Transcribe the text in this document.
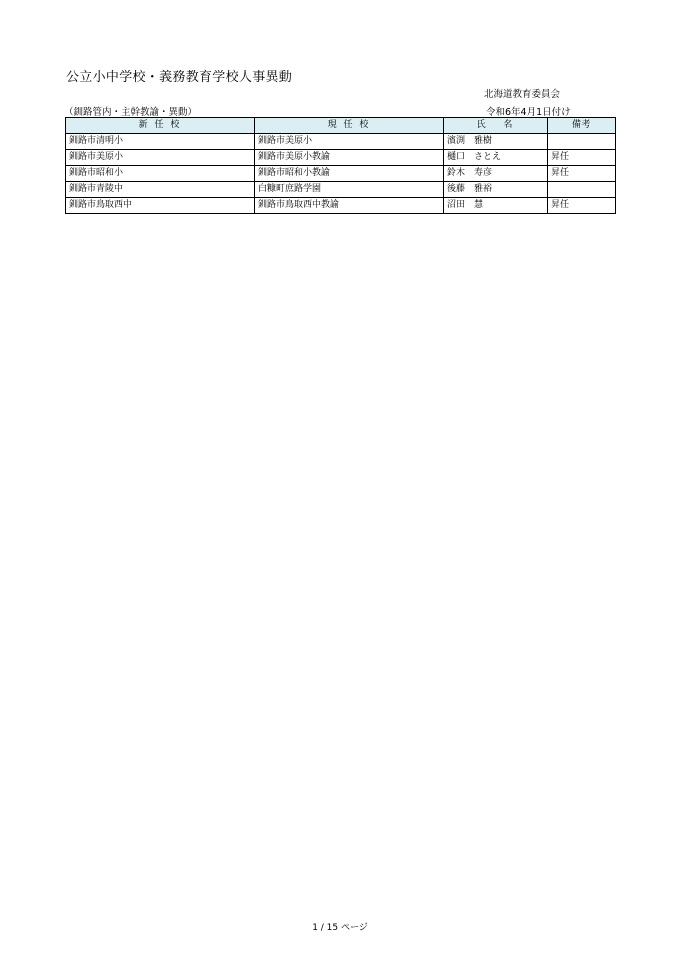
公立小中学校・義務教育学校人事異動
北海道教育委員会
（釧路管内・主幹教諭・異動）	令和6年4月1日付け
新 任 校	現 任 校	氏　 名	備考
釧路市清明小	釧路市美原小	濱渕　雅樹	
釧路市美原小	釧路市美原小教諭	樋口　さとえ	昇任
釧路市昭和小	釧路市昭和小教諭	鈴木　寿彦	昇任
釧路市青陵中	白糠町庶路学園	後藤　雅裕	
釧路市鳥取西中	釧路市鳥取西中教諭	沼田　慧	昇任
1 / 15 ページ
